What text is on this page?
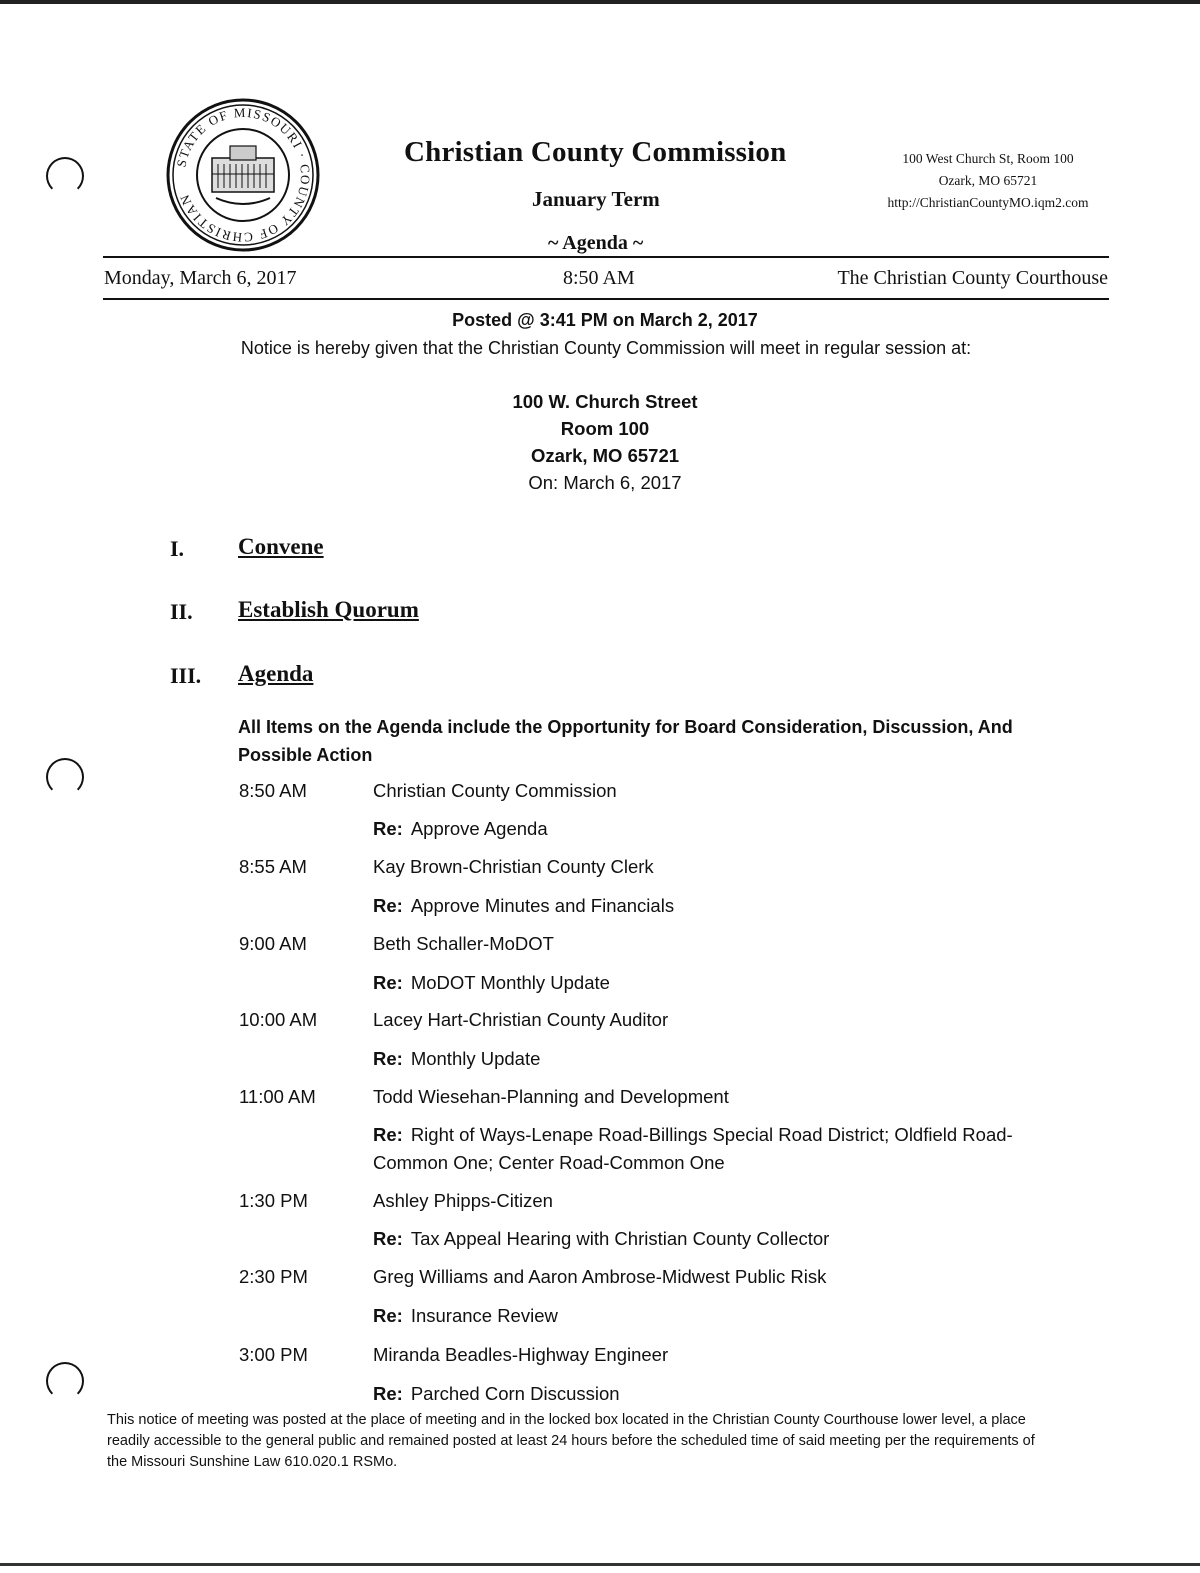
STATE OF MISSOURI · COUNTY OF CHRISTIAN
Christian County Commission
January Term
~ Agenda ~
100 West Church St, Room 100
Ozark, MO 65721
http://ChristianCountyMO.iqm2.com
Monday, March 6, 2017	8:50 AM	The Christian County Courthouse
Posted @ 3:41 PM on March 2, 2017
Notice is hereby given that the Christian County Commission will meet in regular session at:
100 W. Church Street
Room 100
Ozark, MO 65721
On: March 6, 2017
I. Convene
II. Establish Quorum
III. Agenda
All Items on the Agenda include the Opportunity for Board Consideration, Discussion, And Possible Action
8:50 AM	Christian County Commission
Re: Approve Agenda
8:55 AM	Kay Brown-Christian County Clerk
Re: Approve Minutes and Financials
9:00 AM	Beth Schaller-MoDOT
Re: MoDOT Monthly Update
10:00 AM	Lacey Hart-Christian County Auditor
Re: Monthly Update
11:00 AM	Todd Wiesehan-Planning and Development
Re: Right of Ways-Lenape Road-Billings Special Road District; Oldfield Road-Common One; Center Road-Common One
1:30 PM	Ashley Phipps-Citizen
Re: Tax Appeal Hearing with Christian County Collector
2:30 PM	Greg Williams and Aaron Ambrose-Midwest Public Risk
Re: Insurance Review
3:00 PM	Miranda Beadles-Highway Engineer
Re: Parched Corn Discussion
This notice of meeting was posted at the place of meeting and in the locked box located in the Christian County Courthouse lower level, a place readily accessible to the general public and remained posted at least 24 hours before the scheduled time of said meeting per the requirements of the Missouri Sunshine Law 610.020.1 RSMo.
